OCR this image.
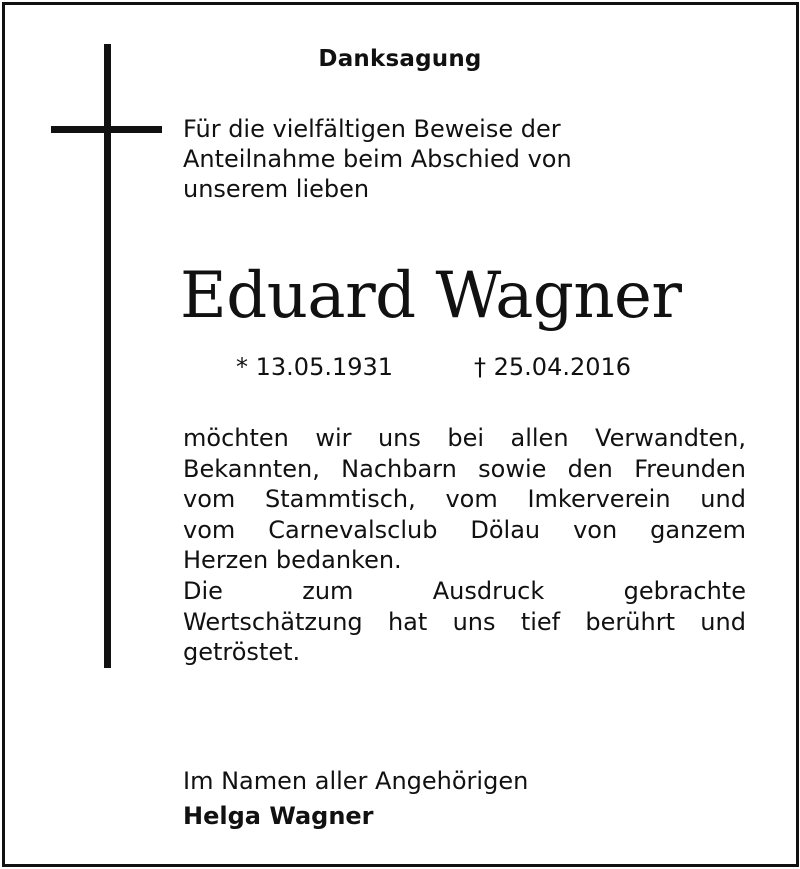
Danksagung
Für die vielfältigen Beweise der
Anteilnahme beim Abschied von
unserem lieben
Eduard Wagner
* 13.05.1931	† 25.04.2016
möchten wir uns bei allen Verwandten,
Bekannten, Nachbarn sowie den Freunden
vom Stammtisch, vom Imkerverein und
vom Carnevalsclub Dölau von ganzem
Herzen bedanken.
Die	zum	Ausdruck	gebrachte
Wertschätzung hat uns tief berührt und
getröstet.
Im Namen aller Angehörigen
Helga Wagner
